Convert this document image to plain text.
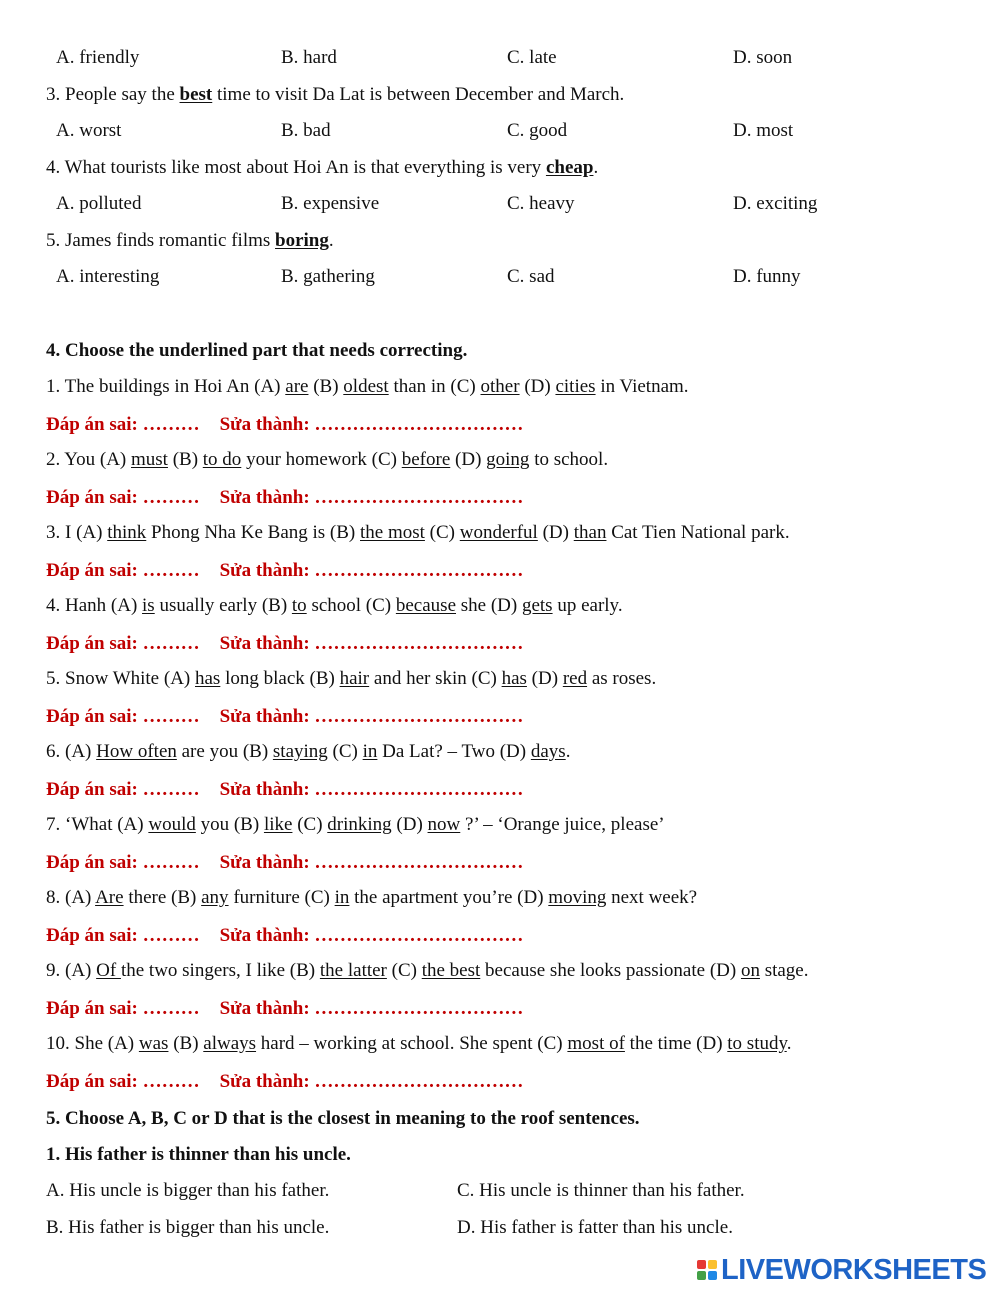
A. friendly	B. hard	C. late	D. soon
3. People say the best time to visit Da Lat is between December and March.
A. worst	B. bad	C. good	D. most
4. What tourists like most about Hoi An is that everything is very cheap.
A. polluted	B. expensive	C. heavy	D. exciting
5. James finds romantic films boring.
A. interesting	B. gathering	C. sad	D. funny
4. Choose the underlined part that needs correcting.
1. The buildings in Hoi An (A) are (B) oldest than in (C) other (D) cities in Vietnam.
Đáp án sai: ……… Sửa thành: ……………………………
2. You (A) must (B) to do your homework (C) before (D) going to school.
Đáp án sai: ……… Sửa thành: ……………………………
3. I (A) think Phong Nha Ke Bang is (B) the most (C) wonderful (D) than Cat Tien National park.
Đáp án sai: ……… Sửa thành: ……………………………
4. Hanh (A) is usually early (B) to school (C) because she (D) gets up early.
Đáp án sai: ……… Sửa thành: ……………………………
5. Snow White (A) has long black (B) hair and her skin (C) has (D) red as roses.
Đáp án sai: ……… Sửa thành: ……………………………
6. (A) How often are you (B) staying (C) in Da Lat? – Two (D) days.
Đáp án sai: ……… Sửa thành: ……………………………
7. ‘What (A) would you (B) like (C) drinking (D) now ?’ – ‘Orange juice, please’
Đáp án sai: ……… Sửa thành: ……………………………
8. (A) Are there (B) any furniture (C) in the apartment you’re (D) moving next week?
Đáp án sai: ……… Sửa thành: ……………………………
9. (A) Of the two singers, I like (B) the latter (C) the best because she looks passionate (D) on stage.
Đáp án sai: ……… Sửa thành: ……………………………
10. She (A) was (B) always hard – working at school. She spent (C) most of the time (D) to study.
Đáp án sai: ……… Sửa thành: ……………………………
5. Choose A, B, C or D that is the closest in meaning to the roof sentences.
1. His father is thinner than his uncle.
A. His uncle is bigger than his father.	C. His uncle is thinner than his father.
B. His father is bigger than his uncle.	D. His father is fatter than his uncle.
LIVEWORKSHEETS
